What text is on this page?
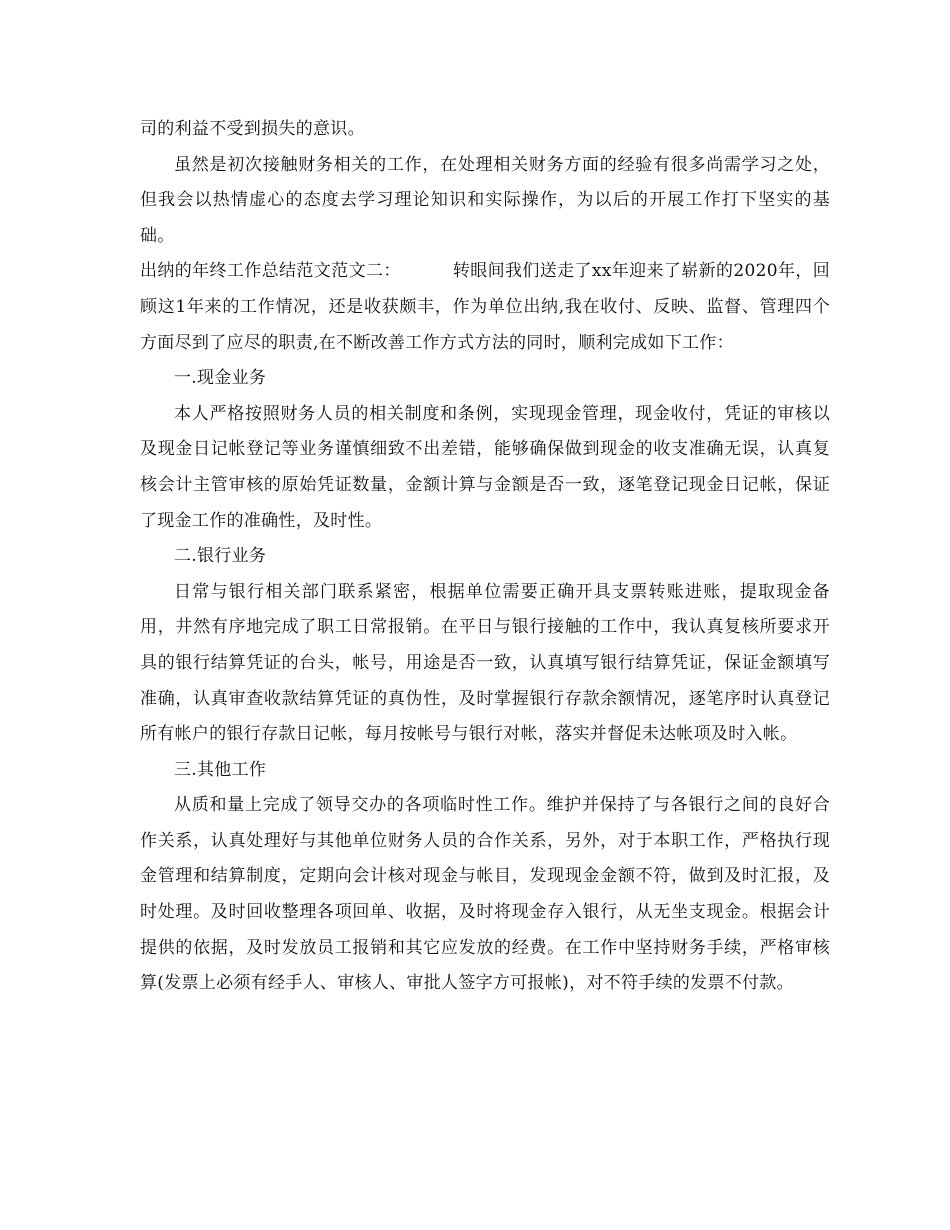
司的利益不受到损失的意识。

虽然是初次接触财务相关的工作，在处理相关财务方面的经验有很多尚需学习之处，但我会以热情虚心的态度去学习理论知识和实际操作，为以后的开展工作打下坚实的基础。

出纳的年终工作总结范文范文二：	转眼间我们送走了xx年迎来了崭新的2020年，回顾这1年来的工作情况，还是收获颇丰，作为单位出纳,我在收付、反映、监督、管理四个方面尽到了应尽的职责,在不断改善工作方式方法的同时，顺利完成如下工作：

一.现金业务

本人严格按照财务人员的相关制度和条例，实现现金管理，现金收付，凭证的审核以及现金日记帐登记等业务谨慎细致不出差错，能够确保做到现金的收支准确无误，认真复核会计主管审核的原始凭证数量，金额计算与金额是否一致，逐笔登记现金日记帐，保证了现金工作的准确性，及时性。

二.银行业务

日常与银行相关部门联系紧密，根据单位需要正确开具支票转账进账，提取现金备用，井然有序地完成了职工日常报销。在平日与银行接触的工作中，我认真复核所要求开具的银行结算凭证的台头，帐号，用途是否一致，认真填写银行结算凭证，保证金额填写准确，认真审查收款结算凭证的真伪性，及时掌握银行存款余额情况，逐笔序时认真登记所有帐户的银行存款日记帐，每月按帐号与银行对帐，落实并督促未达帐项及时入帐。

三.其他工作

从质和量上完成了领导交办的各项临时性工作。维护并保持了与各银行之间的良好合作关系，认真处理好与其他单位财务人员的合作关系，另外，对于本职工作，严格执行现金管理和结算制度，定期向会计核对现金与帐目，发现现金金额不符，做到及时汇报，及时处理。及时回收整理各项回单、收据，及时将现金存入银行，从无坐支现金。根据会计提供的依据，及时发放员工报销和其它应发放的经费。在工作中坚持财务手续，严格审核算(发票上必须有经手人、审核人、审批人签字方可报帐)，对不符手续的发票不付款。
